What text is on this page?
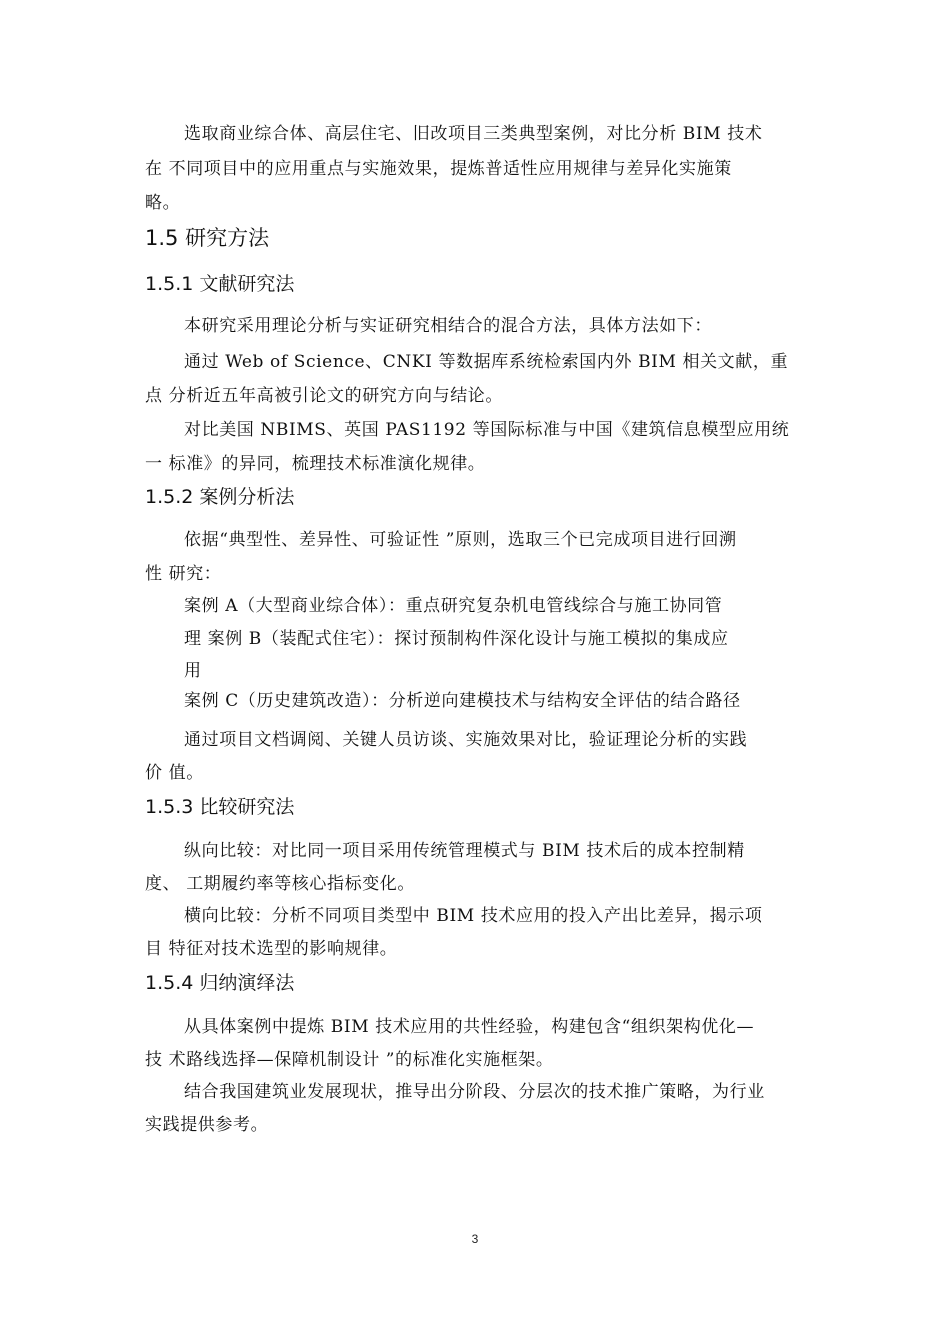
选取商业综合体、高层住宅、旧改项目三类典型案例，对比分析 BIM 技术
在 不同项目中的应用重点与实施效果，提炼普适性应用规律与差异化实施策
略。
1.5 研究方法
1.5.1 文献研究法
本研究采用理论分析与实证研究相结合的混合方法，具体方法如下：
通过 Web of Science、CNKI 等数据库系统检索国内外 BIM 相关文献，重
点 分析近五年高被引论文的研究方向与结论。
对比美国 NBIMS、英国 PAS1192 等国际标准与中国《建筑信息模型应用统
一 标准》的异同，梳理技术标准演化规律。
1.5.2 案例分析法
依据“典型性、差异性、可验证性 ”原则，选取三个已完成项目进行回溯
性 研究：
案例 A（大型商业综合体）：重点研究复杂机电管线综合与施工协同管
理 案例 B（装配式住宅）：探讨预制构件深化设计与施工模拟的集成应
用
案例 C（历史建筑改造）：分析逆向建模技术与结构安全评估的结合路径
通过项目文档调阅、关键人员访谈、实施效果对比，验证理论分析的实践
价 值。
1.5.3 比较研究法
纵向比较：对比同一项目采用传统管理模式与 BIM 技术后的成本控制精
度、 工期履约率等核心指标变化。
横向比较：分析不同项目类型中 BIM 技术应用的投入产出比差异，揭示项
目 特征对技术选型的影响规律。
1.5.4 归纳演绎法
从具体案例中提炼 BIM 技术应用的共性经验，构建包含“组织架构优化—
技 术路线选择—保障机制设计 ”的标准化实施框架。
结合我国建筑业发展现状，推导出分阶段、分层次的技术推广策略，为行业
实践提供参考。
3
